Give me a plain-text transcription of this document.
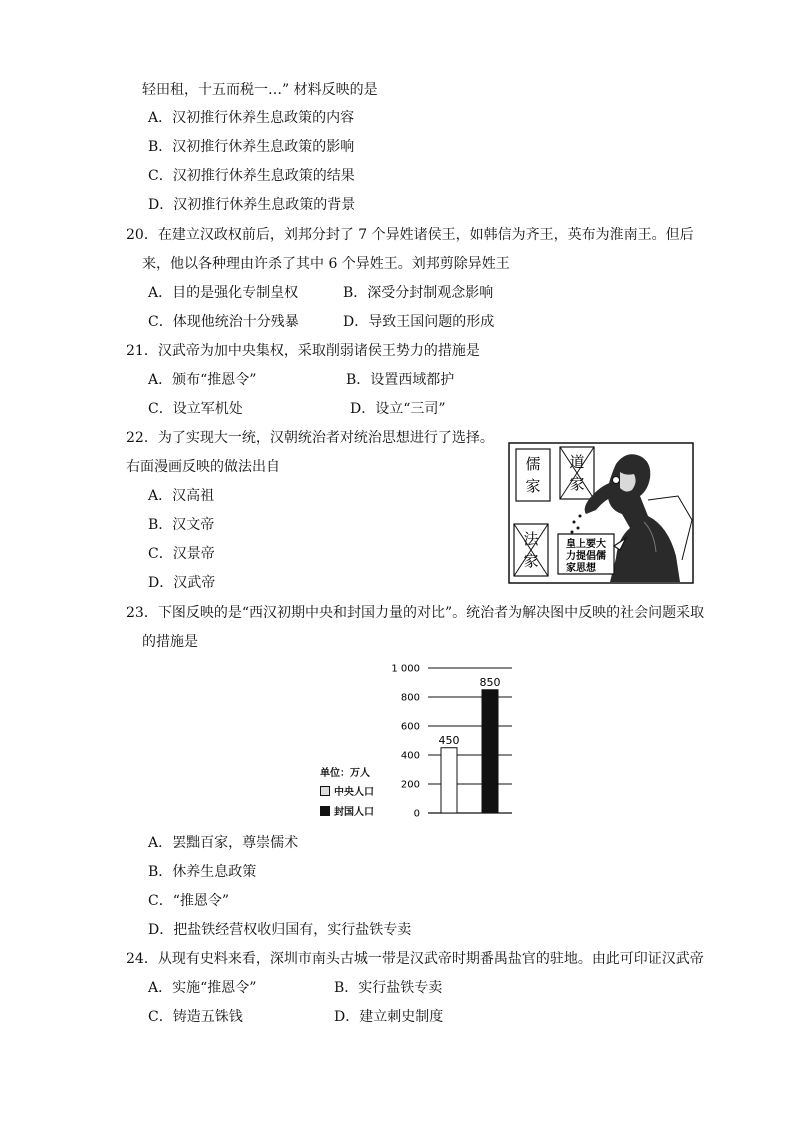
轻田租，十五而税一…” 材料反映的是
A．汉初推行休养生息政策的内容
B．汉初推行休养生息政策的影响
C．汉初推行休养生息政策的结果
D．汉初推行休养生息政策的背景
20．在建立汉政权前后，刘邦分封了 7 个异姓诸侯王，如韩信为齐王，英布为淮南王。但后
来，他以各种理由许杀了其中 6 个异姓王。刘邦剪除异姓王
A．目的是强化专制皇权	B．深受分封制观念影响
C．体现他统治十分残暴	D．导致王国问题的形成
21．汉武帝为加中央集权，采取削弱诸侯王势力的措施是
A．颁布“推恩令”	B．设置西域都护
C．设立军机处	D．设立“三司”
22．为了实现大一统，汉朝统治者对统治思想进行了选择。
右面漫画反映的做法出自
A．汉高祖
B．汉文帝
C．汉景帝
D．汉武帝
儒
家
道
家
法
家
皇上要大
力提倡儒
家思想
23．下图反映的是“西汉初期中央和封国力量的对比”。统治者为解决图中反映的社会问题采取
的措施是
0
200
400
600
800
1 000
450
850
单位：万人
中央人口
封国人口
A．罢黜百家，尊崇儒术
B．休养生息政策
C．“推恩令”
D．把盐铁经营权收归国有，实行盐铁专卖
24．从现有史料来看，深圳市南头古城一带是汉武帝时期番禺盐官的驻地。由此可印证汉武帝
A．实施“推恩令”	B．实行盐铁专卖
C．铸造五铢钱	D．建立刺史制度
